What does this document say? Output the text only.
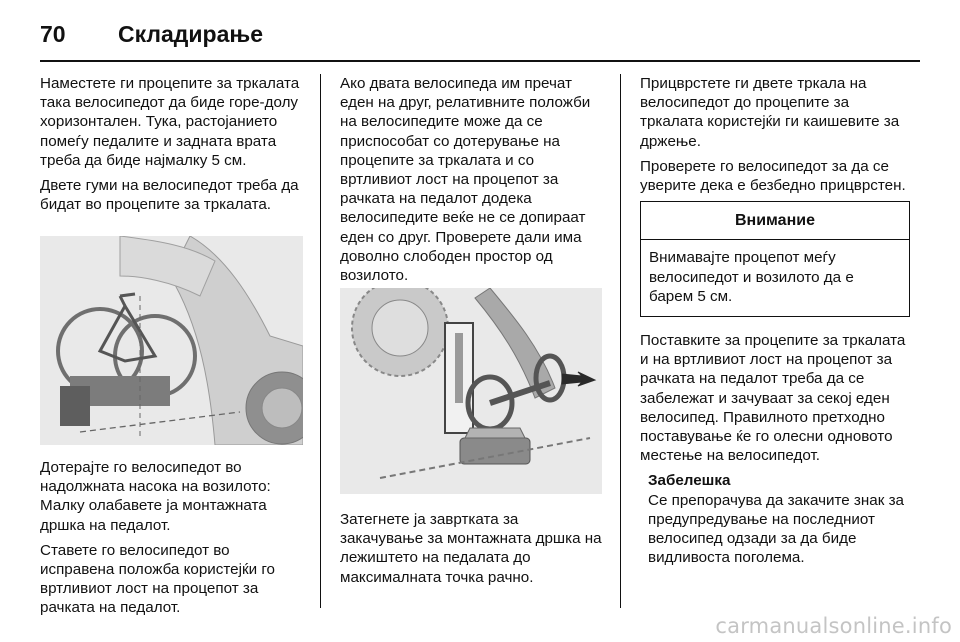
70	Складирање

Наместете ги процепите за тркалата така велосипедот да биде горе-долу хоризонтален. Тука, растојанието помеѓу педалите и задната врата треба да биде најмалку 5 см.

Двете гуми на велосипедот треба да бидат во процепите за тркалата.

Дотерајте го велосипедот во надолжната насока на возилото: Малку олабавете ја монтажната дршка на педалот.

Ставете го велосипедот во исправена положба користејќи го вртливиот лост на процепот за рачката на педалот.

Ако двата велосипеда им пречат еден на друг, релативните положби на велосипедите може да се приспособат со дотерување на процепите за тркалата и со вртливиот лост на процепот за рачката на педалот додека велосипедите веќе не се допираат еден со друг. Проверете дали има доволно слободен простор од возилото.

Затегнете ја завртката за закачување за монтажната дршка на лежиштето на педалата до максималната точка рачно.

Прицврстете ги двете тркала на велосипедот до процепите за тркалата користејќи ги каишевите за држење.

Проверете го велосипедот за да се уверите дека е безбедно прицврстен.

Внимание
Внимавајте процепот меѓу велосипедот и возилото да е барем 5 см.

Поставките за процепите за тркалата и на вртливиот лост на процепот за рачката на педалот треба да се забележат и зачуваат за секој еден велосипед. Правилното претходно поставување ќе го олесни одновото местење на велосипедот.

Забелешка
Се препорачува да закачите знак за предупредување на последниот велосипед одзади за да биде видливоста поголема.
carmanualsonline.info
